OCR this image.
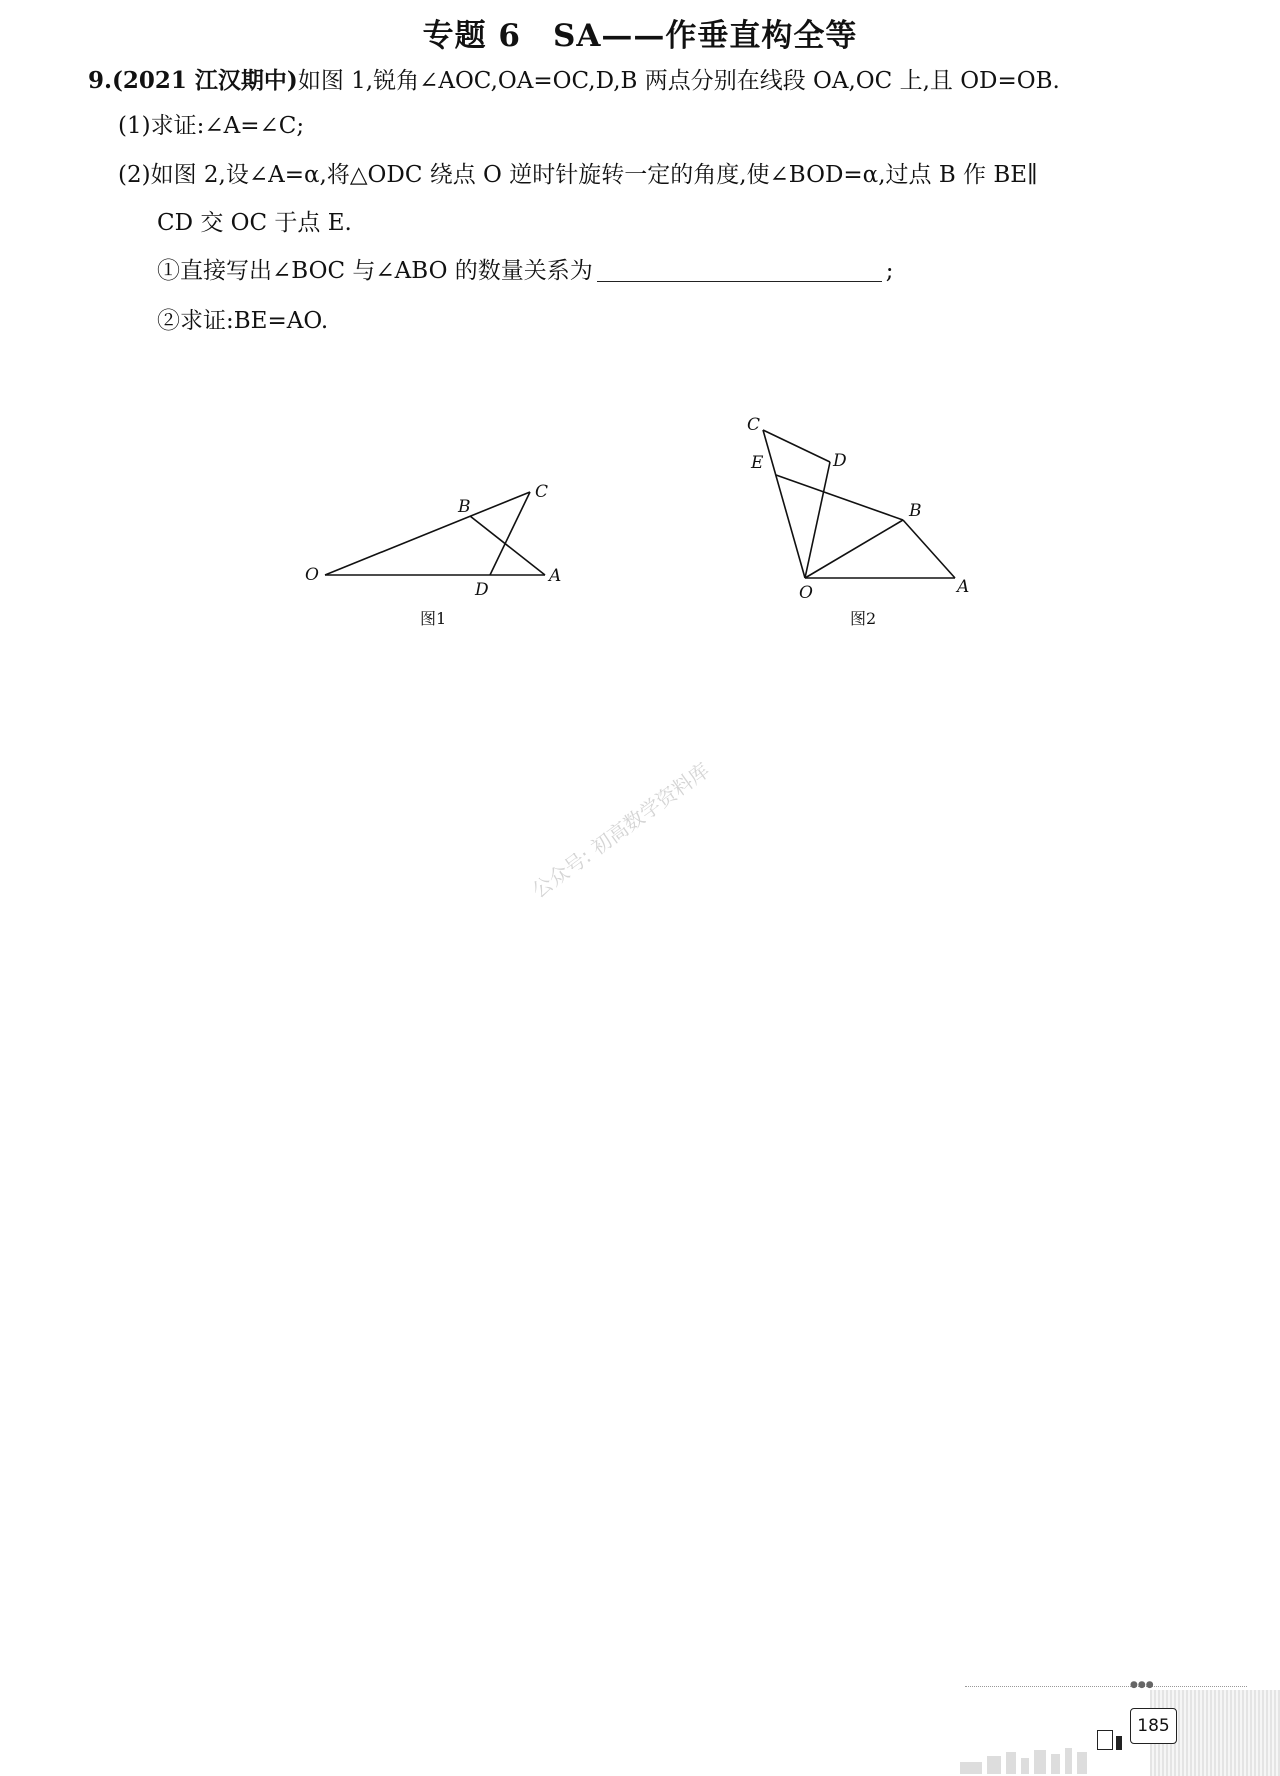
专题 6　SA——作垂直构全等
9.(2021 江汉期中)如图 1,锐角∠AOC,OA=OC,D,B 两点分别在线段 OA,OC 上,且 OD=OB.
(1)求证:∠A=∠C;
(2)如图 2,设∠A=α,将△ODC 绕点 O 逆时针旋转一定的角度,使∠BOD=α,过点 B 作 BE∥
CD 交 OC 于点 E.
①直接写出∠BOC 与∠ABO 的数量关系为	;
②求证:BE=AO.
O	A
B
C
D
图1
O	A
B
C
D
E
图2
公众号: 初高数学资料库
●●●
185
